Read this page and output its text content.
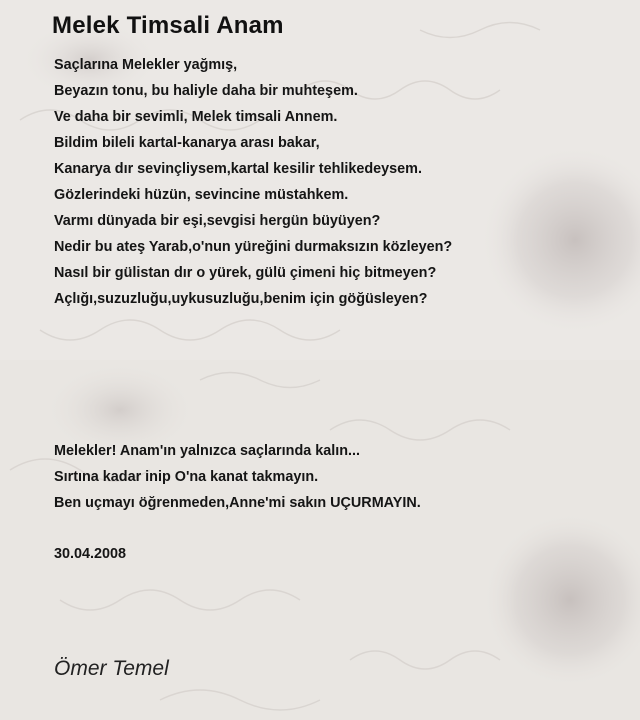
Melek Timsali Anam
Saçlarına Melekler yağmış,
Beyazın tonu, bu haliyle daha bir muhteşem.
Ve daha bir sevimli, Melek timsali Annem.
Bildim bileli kartal-kanarya arası bakar,
Kanarya dır sevinçliysem,kartal kesilir tehlikedeysem.
Gözlerindeki hüzün, sevincine müstahkem.
Varmı dünyada bir eşi,sevgisi hergün büyüyen?
Nedir bu ateş Yarab,o'nun yüreğini durmaksızın közleyen?
Nasıl bir gülistan dır o yürek, gülü çimeni hiç bitmeyen?
Açlığı,suzuzluğu,uykusuzluğu,benim için göğüsleyen?
Melekler! Anam'ın yalnızca saçlarında kalın...
Sırtına kadar inip O'na kanat takmayın.
Ben uçmayı öğrenmeden,Anne'mi sakın UÇURMAYIN.
30.04.2008
Ömer Temel
